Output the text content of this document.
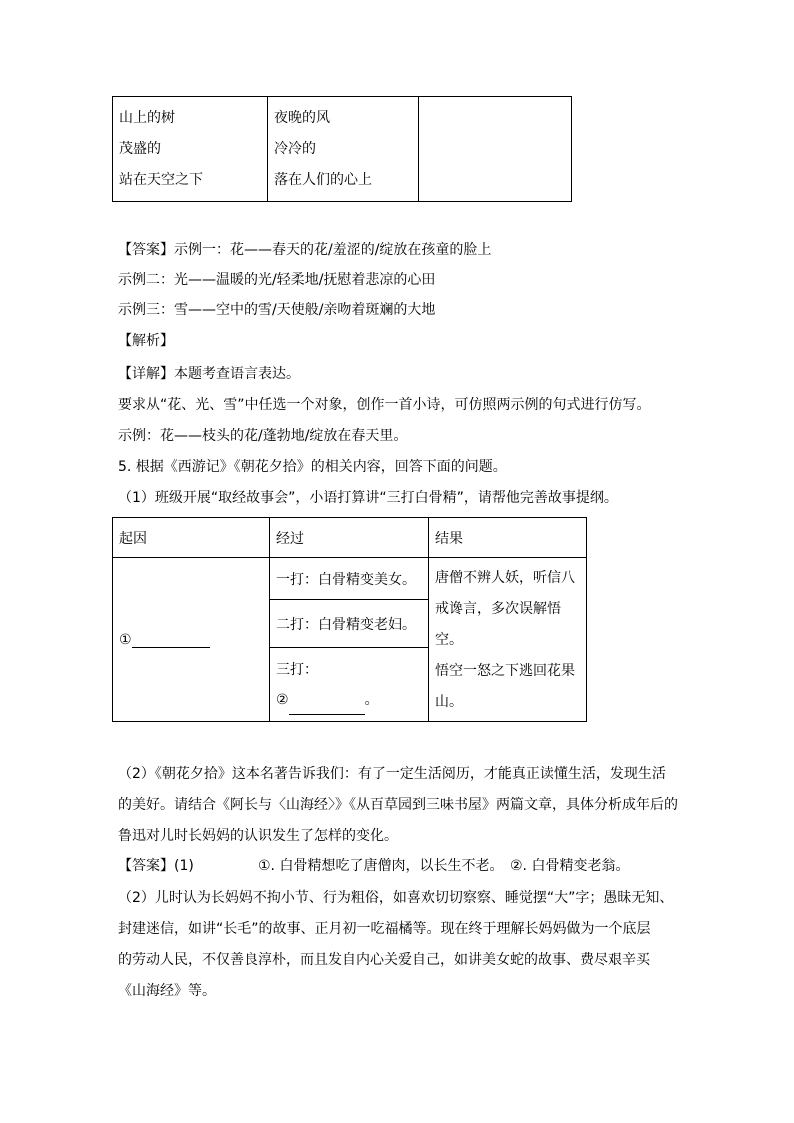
山上的树
茂盛的
站在天空之下

夜晚的风
冷冷的
落在人们的心上

【答案】示例一：花——春天的花/羞涩的/绽放在孩童的脸上
示例二：光——温暖的光/轻柔地/抚慰着悲凉的心田
示例三：雪——空中的雪/天使般/亲吻着斑斓的大地
【解析】
【详解】本题考查语言表达。
要求从“花、光、雪”中任选一个对象，创作一首小诗，可仿照两示例的句式进行仿写。
示例：花——枝头的花/蓬勃地/绽放在春天里。
5. 根据《西游记》《朝花夕拾》的相关内容，回答下面的问题。
（1）班级开展“取经故事会”，小语打算讲“三打白骨精”，请帮他完善故事提纲。
起因	经过	结果
①	一打：白骨精变美女。	唐僧不辨人妖，听信八
戒谗言，多次误解悟空。
悟空一怒之下逃回花果
山。

	二打：白骨精变老妇。	

	三打：
② 。	
（2）《朝花夕拾》这本名著告诉我们：有了一定生活阅历，才能真正读懂生活，发现生活
的美好。请结合《阿长与〈山海经〉》《从百草园到三味书屋》两篇文章，具体分析成年后的
鲁迅对儿时长妈妈的认识发生了怎样的变化。
【答案】(1)	①. 白骨精想吃了唐僧肉，以长生不老。 ②. 白骨精变老翁。
（2）儿时认为长妈妈不拘小节、行为粗俗，如喜欢切切察察、睡觉摆“大”字；愚昧无知、
封建迷信，如讲“长毛”的故事、正月初一吃福橘等。现在终于理解长妈妈做为一个底层
的劳动人民，不仅善良淳朴，而且发自内心关爱自己，如讲美女蛇的故事、费尽艰辛买
《山海经》等。
